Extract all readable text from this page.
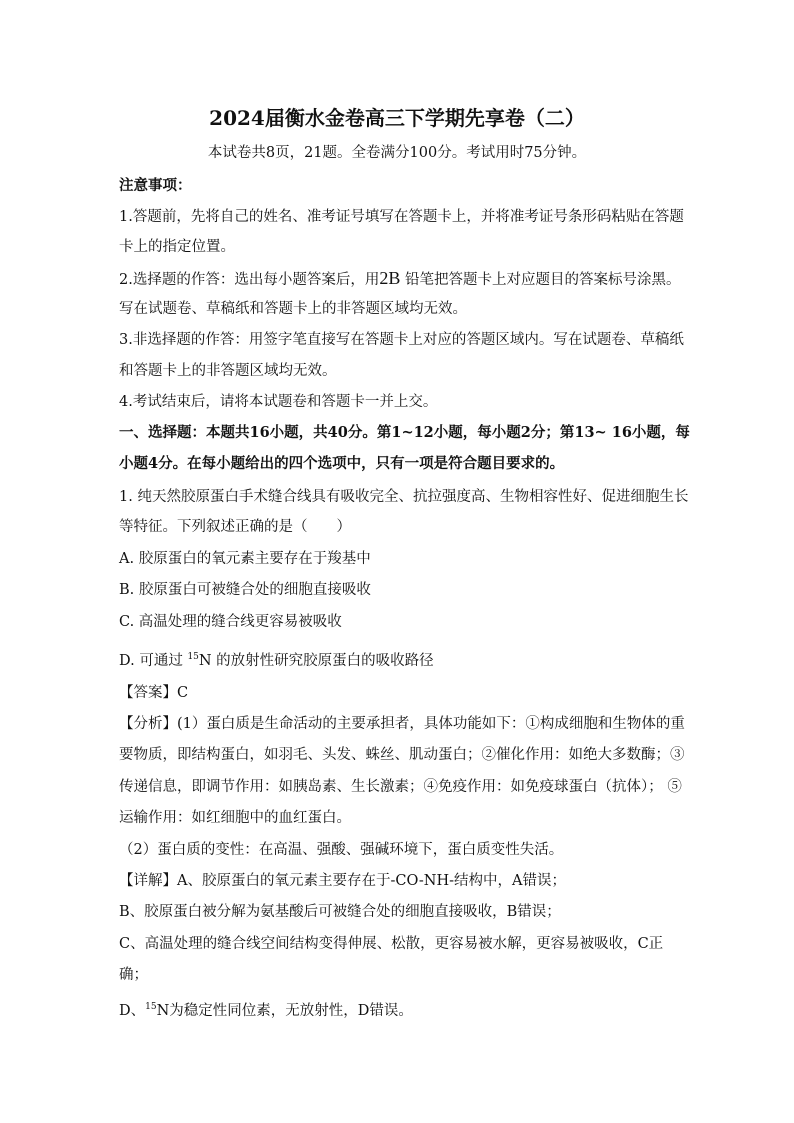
2024届衡水金卷高三下学期先享卷（二）
本试卷共8页，21题。全卷满分100分。考试用时75分钟。
注意事项：
1.答题前，先将自己的姓名、准考证号填写在答题卡上，并将准考证号条形码粘贴在答题
卡上的指定位置。
2.选择题的作答：选出每小题答案后，用2B 铅笔把答题卡上对应题目的答案标号涂黑。
写在试题卷、草稿纸和答题卡上的非答题区域均无效。
3.非选择题的作答：用签字笔直接写在答题卡上对应的答题区域内。写在试题卷、草稿纸
和答题卡上的非答题区域均无效。
4.考试结束后，请将本试题卷和答题卡一并上交。
一、选择题：本题共16小题，共40分。第1~12小题，每小题2分；第13~ 16小题，每
小题4分。在每小题给出的四个选项中，只有一项是符合题目要求的。
1. 纯天然胶原蛋白手术缝合线具有吸收完全、抗拉强度高、生物相容性好、促进细胞生长
等特征。下列叙述正确的是（　　）
A. 胶原蛋白的氧元素主要存在于羧基中
B. 胶原蛋白可被缝合处的细胞直接吸收
C. 高温处理的缝合线更容易被吸收
D. 可通过 $^{15}$N 的放射性研究胶原蛋白的吸收路径
【答案】C
【分析】(1）蛋白质是生命活动的主要承担者，具体功能如下：①构成细胞和生物体的重
要物质，即结构蛋白，如羽毛、头发、蛛丝、肌动蛋白；②催化作用：如绝大多数酶；③
传递信息，即调节作用：如胰岛素、生长激素；④免疫作用：如免疫球蛋白（抗体）； ⑤
运输作用：如红细胞中的血红蛋白。
（2）蛋白质的变性：在高温、强酸、强碱环境下，蛋白质变性失活。
【详解】A、胶原蛋白的氧元素主要存在于-CO-NH-结构中，A错误；
B、胶原蛋白被分解为氨基酸后可被缝合处的细胞直接吸收，B错误；
C、高温处理的缝合线空间结构变得伸展、松散，更容易被水解，更容易被吸收，C正
确；
D、$^{15}$N为稳定性同位素，无放射性，D错误。
